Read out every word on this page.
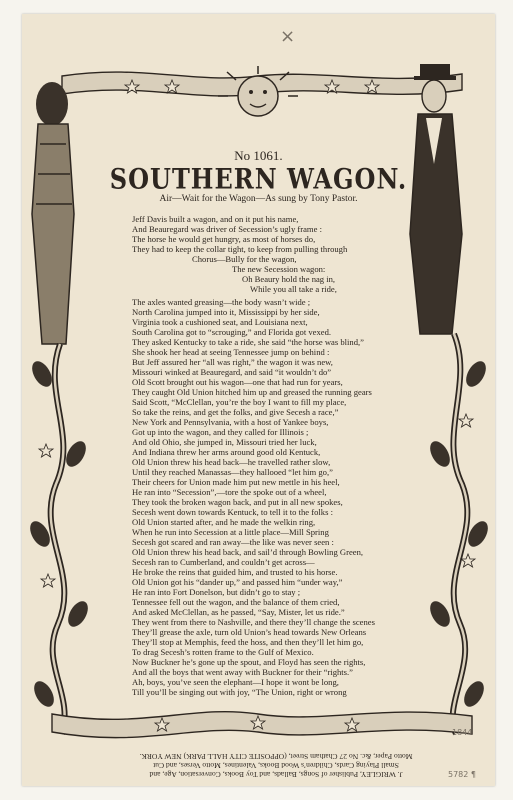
No 1061.
SOUTHERN WAGON.
Air—Wait for the Wagon—As sung by Tony Pastor.
Jeff Davis built a wagon, and on it put his name,
And Beauregard was driver of Secession’s ugly frame :
The horse he would get hungry, as most of horses do,
They had to keep the collar tight, to keep from pulling through
Chorus—Bully for the wagon,
The new Secession wagon:
Oh Beaury hold the nag in,
While you all take a ride,
The axles wanted greasing—the body wasn’t wide ;
North Carolina jumped into it, Mississippi by her side,
Virginia took a cushioned seat, and Louisiana next,
South Carolina got to “scrouging,” and Florida got vexed.
They asked Kentucky to take a ride, she said “the horse was blind,”
She shook her head at seeing Tennessee jump on behind :
But Jeff assured her “all was right,” the wagon it was new,
Missouri winked at Beauregard, and said “it wouldn’t do”
Old Scott brought out his wagon—one that had run for years,
They caught Old Union hitched him up and greased the running gears
Said Scott, “McClellan, you’re the boy I want to fill my place,
So take the reins, and get the folks, and give Secesh a race,”
New York and Pennsylvania, with a host of Yankee boys,
Got up into the wagon, and they called for Illinois ;
And old Ohio, she jumped in, Missouri tried her luck,
And Indiana threw her arms around good old Kentuck,
Old Union threw his head back—he travelled rather slow,
Until they reached Manassas—they hallooed “let him go,”
Their cheers for Union made him put new mettle in his heel,
He ran into “Secession”,—tore the spoke out of a wheel,
They took the broken wagon back, and put in all new spokes,
Secesh went down towards Kentuck, to tell it to the folks :
Old Union started after, and he made the welkin ring,
When he run into Secession at a little place—Mill Spring
Secesh got scared and ran away—the like was never seen :
Old Union threw his head back, and sail’d through Bowling Green,
Secesh ran to Cumberland, and couldn’t get across—
He broke the reins that guided him, and trusted to his horse.
Old Union got his “dander up,” and passed him “under way,”
He ran into Fort Donelson, but didn’t go to stay ;
Tennessee fell out the wagon, and the balance of them cried,
And asked McClellan, as he passed, “Say, Mister, let us ride.”
They went from there to Nashville, and there they’ll change the scenes
They’ll grease the axle, turn old Union’s head towards New Orleans
They’ll stop at Memphis, feed the hoss, and then they’ll let him go,
To drag Secesh’s rotten frame to the Gulf of Mexico.
Now Buckner he’s gone up the spout, and Floyd has seen the rights,
And all the boys that went away with Buckner for their “rights.”
Ah, boys, you’ve seen the elephant—I hope it wont be long,
Till you’ll be singing out with joy, “The Union, right or wrong
J. WRIGLEY, Publisher of Songs, Ballads, and Toy Books, Conversation, Age, and
Small Playing Cards, Children’s Wood Books, Valentines, Motto Verses, and Cut
Motto Paper, &c. No 27 Chatham Street, (OPPOSITE CITY HALL PARK) NEW YORK.
×
1844
5782 ¶
